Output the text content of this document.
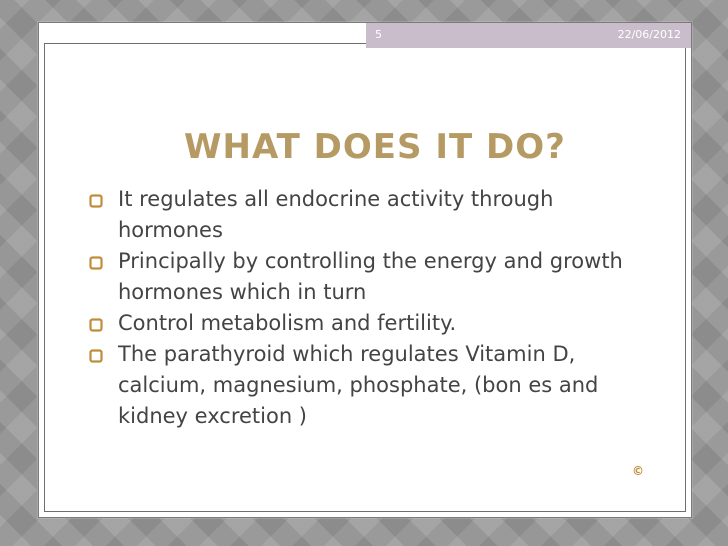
5	22/06/2012
WHAT DOES IT DO?
It regulates all endocrine activity through hormones
Principally by controlling the energy and growth hormones which in turn
Control metabolism and fertility.
The parathyroid which regulates Vitamin D, calcium, magnesium, phosphate, (bon es and kidney excretion )
©
